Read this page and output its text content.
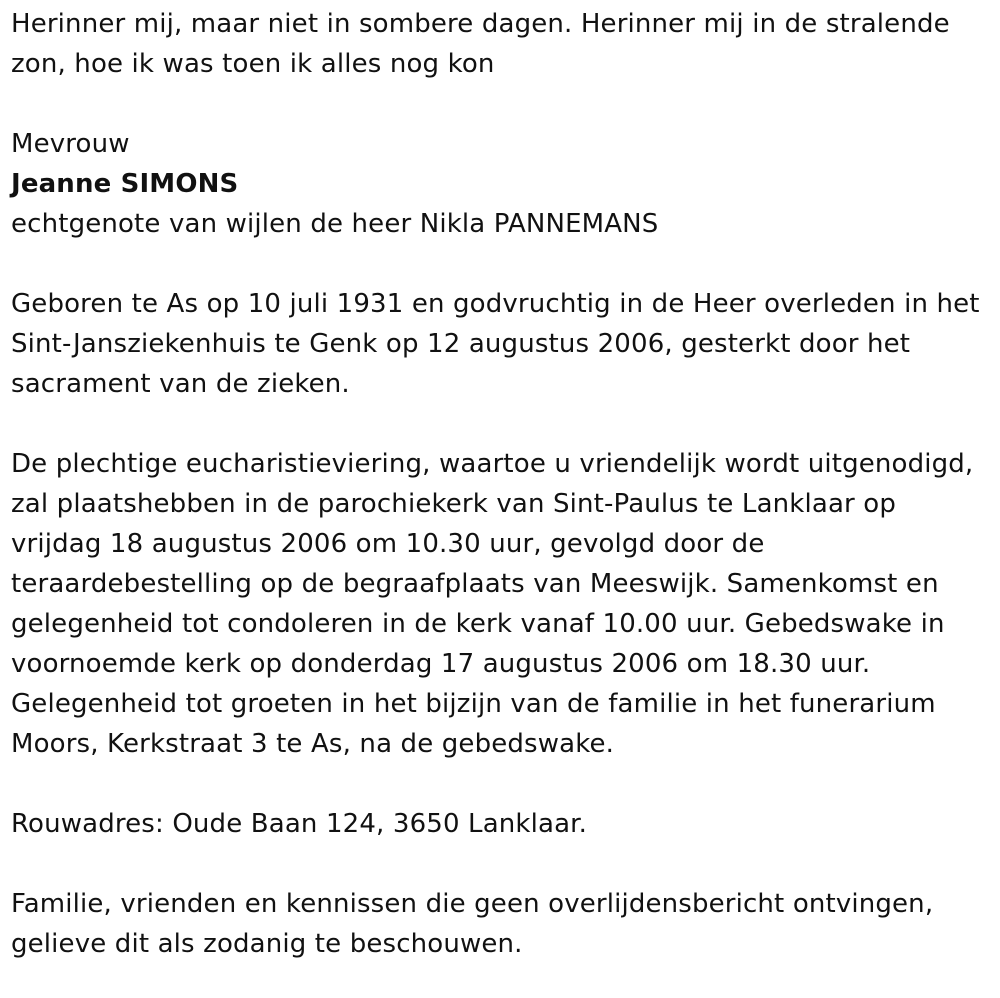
Herinner mij, maar niet in sombere dagen. Herinner mij in de stralende

zon, hoe ik was toen ik alles nog kon

Mevrouw

Jeanne SIMONS

echtgenote van wijlen de heer Nikla PANNEMANS

Geboren te As op 10 juli 1931 en godvruchtig in de Heer overleden in het

Sint-Jansziekenhuis te Genk op 12 augustus 2006, gesterkt door het

sacrament van de zieken.

De plechtige eucharistieviering, waartoe u vriendelijk wordt uitgenodigd,

zal plaatshebben in de parochiekerk van Sint-Paulus te Lanklaar op

vrijdag 18 augustus 2006 om 10.30 uur, gevolgd door de

teraardebestelling op de begraafplaats van Meeswijk. Samenkomst en

gelegenheid tot condoleren in de kerk vanaf 10.00 uur. Gebedswake in

voornoemde kerk op donderdag 17 augustus 2006 om 18.30 uur.

Gelegenheid tot groeten in het bijzijn van de familie in het funerarium

Moors, Kerkstraat 3 te As, na de gebedswake.

Rouwadres: Oude Baan 124, 3650 Lanklaar.

Familie, vrienden en kennissen die geen overlijdensbericht ontvingen,

gelieve dit als zodanig te beschouwen.
